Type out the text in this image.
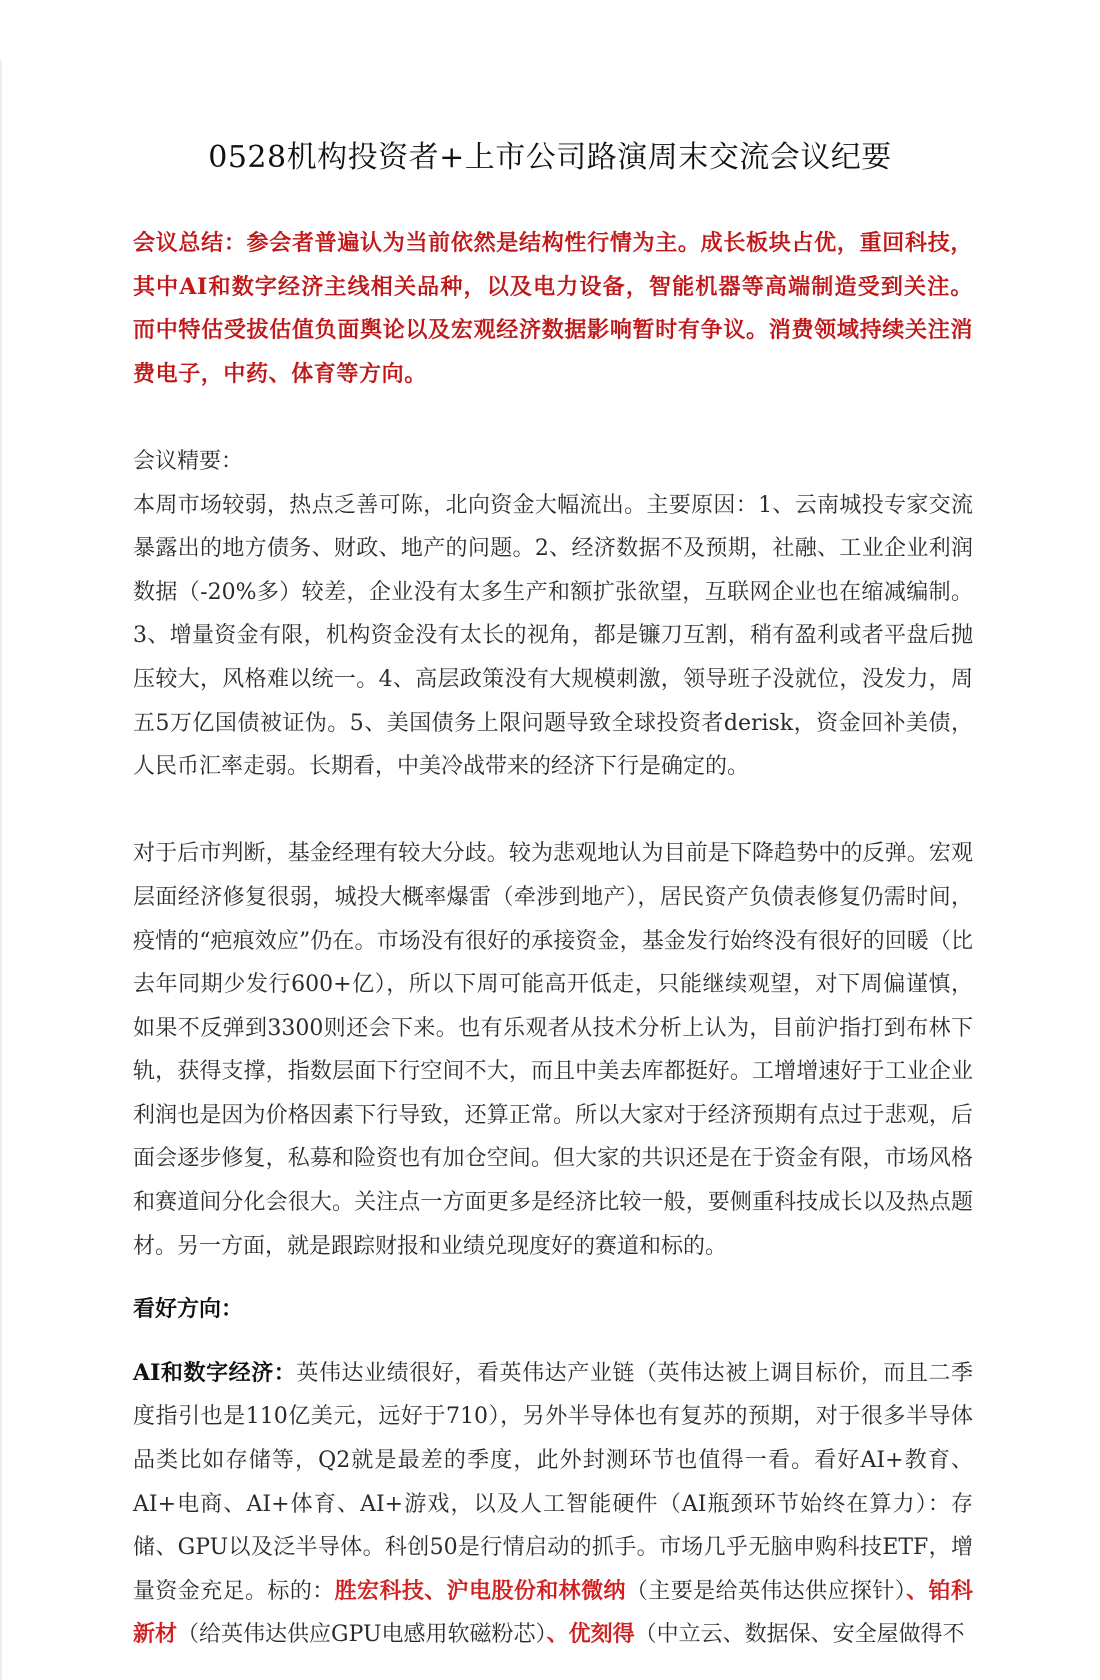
0528机构投资者+上市公司路演周末交流会议纪要

会议总结：参会者普遍认为当前依然是结构性行情为主。成长板块占优，重回科技，其中AI和数字经济主线相关品种，以及电力设备，智能机器等高端制造受到关注。而中特估受拔估值负面舆论以及宏观经济数据影响暂时有争议。消费领域持续关注消费电子，中药、体育等方向。

会议精要：

本周市场较弱，热点乏善可陈，北向资金大幅流出。主要原因：1、云南城投专家交流暴露出的地方债务、财政、地产的问题。2、经济数据不及预期，社融、工业企业利润数据（-20%多）较差，企业没有太多生产和额扩张欲望，互联网企业也在缩减编制。3、增量资金有限，机构资金没有太长的视角，都是镰刀互割，稍有盈利或者平盘后抛压较大，风格难以统一。4、高层政策没有大规模刺激，领导班子没就位，没发力，周五5万亿国债被证伪。5、美国债务上限问题导致全球投资者derisk，资金回补美债，人民币汇率走弱。长期看，中美冷战带来的经济下行是确定的。

对于后市判断，基金经理有较大分歧。较为悲观地认为目前是下降趋势中的反弹。宏观层面经济修复很弱，城投大概率爆雷（牵涉到地产），居民资产负债表修复仍需时间，疫情的“疤痕效应”仍在。市场没有很好的承接资金，基金发行始终没有很好的回暖（比去年同期少发行600+亿），所以下周可能高开低走，只能继续观望，对下周偏谨慎，如果不反弹到3300则还会下来。也有乐观者从技术分析上认为，目前沪指打到布林下轨，获得支撑，指数层面下行空间不大，而且中美去库都挺好。工增增速好于工业企业利润也是因为价格因素下行导致，还算正常。所以大家对于经济预期有点过于悲观，后面会逐步修复，私募和险资也有加仓空间。但大家的共识还是在于资金有限，市场风格和赛道间分化会很大。关注点一方面更多是经济比较一般，要侧重科技成长以及热点题材。另一方面，就是跟踪财报和业绩兑现度好的赛道和标的。

看好方向：

AI和数字经济：英伟达业绩很好，看英伟达产业链（英伟达被上调目标价，而且二季度指引也是110亿美元，远好于710），另外半导体也有复苏的预期，对于很多半导体品类比如存储等，Q2就是最差的季度，此外封测环节也值得一看。看好AI+教育、AI+电商、AI+体育、AI+游戏，以及人工智能硬件（AI瓶颈环节始终在算力）：存储、GPU以及泛半导体。科创50是行情启动的抓手。市场几乎无脑申购科技ETF，增量资金充足。标的：胜宏科技、沪电股份和林微纳（主要是给英伟达供应探针）、铂科新材（给英伟达供应GPU电感用软磁粉芯）、优刻得（中立云、数据保、安全屋做得不
